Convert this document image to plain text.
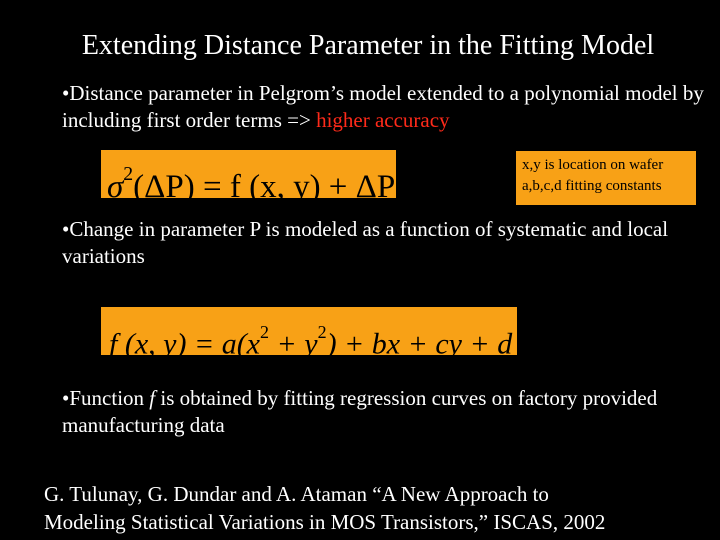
Extending Distance Parameter in the Fitting Model
•Distance parameter in Pelgrom’s model extended to a polynomial model by including first order terms => higher accuracy
$\sigma^2(\Delta P) = f$ (x, y) + ΔP
x,y is location on wafer
a,b,c,d fitting constants
•Change in parameter P is modeled as a function of systematic and local variations
f (x, $y) = a(x^2 + y^2)$ + bx + cy + d
•Function f is obtained by fitting regression curves on factory provided manufacturing data
G. Tulunay, G. Dundar and A. Ataman “A New Approach to
Modeling Statistical Variations in MOS Transistors,” ISCAS, 2002
